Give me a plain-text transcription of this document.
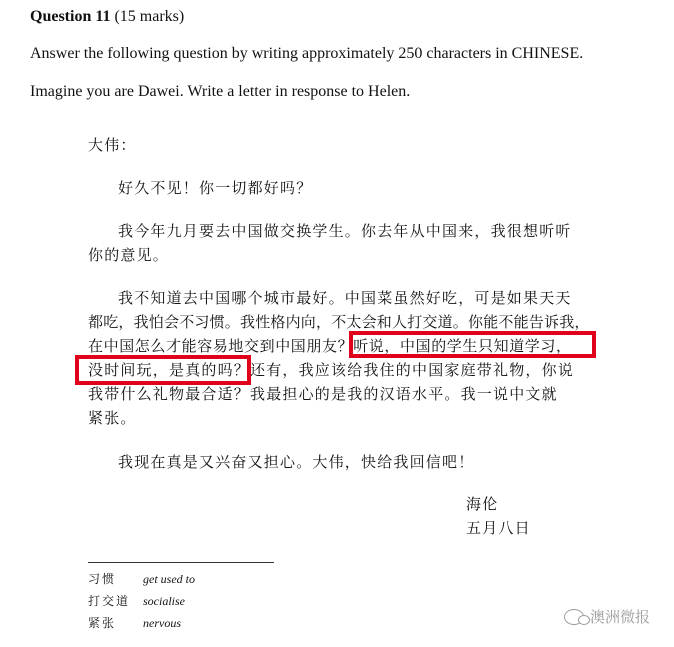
Question 11 (15 marks)
Answer the following question by writing approximately 250 characters in CHINESE.
Imagine you are Dawei. Write a letter in response to Helen.
大伟：
好久不见！你一切都好吗？
我今年九月要去中国做交换学生。你去年从中国来，我很想听听
你的意见。
我不知道去中国哪个城市最好。中国菜虽然好吃，可是如果天天
都吃，我怕会不习惯。我性格内向，不太会和人打交道。你能不能告诉我，
在中国怎么才能容易地交到中国朋友？听说，中国的学生只知道学习，
没时间玩，是真的吗？还有，我应该给我住的中国家庭带礼物，你说
我带什么礼物最合适？我最担心的是我的汉语水平。我一说中文就
紧张。
我现在真是又兴奋又担心。大伟，快给我回信吧！
海伦
五月八日
习惯 get used to
打交道 socialise
紧张 nervous	澳洲微报
